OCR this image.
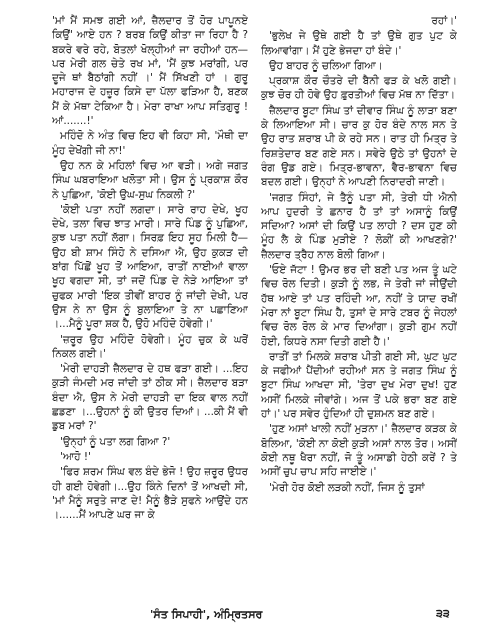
'ਮਾਂ ਮੈਂ ਸਮਝ ਗਈ ਆਂ, ਜ਼ੈਲਦਾਰ ਤੋਂ ਹੋਰ ਪਾਪੂਨਏ ਕਿਉਂ' ਆਏ ਹਨ ? ਬਰਬ ਕਿਉਂ ਕੀਤਾ ਜਾ ਰਿਹਾ ਹੈ ? ਬਕਰੇ ਵਰੇ ਰਹੇ, ਬੋਤਲਾਂ ਖੋਲ੍ਹੀਆਂ ਜਾ ਰਹੀਆਂ ਹਨ—ਪਰ ਮੇਰੀ ਗਲ ਚੇਤੇ ਰਖ ਮਾਂ, 'ਮੈਂ ਕੁਝ ਮਰਾਂਗੀ, ਪਰ ਦੂਜੇ ਥਾਂ ਬੈਠਾਂਗੀ ਨਹੀਂ ।' ਮੈਂ ਸਿੱਖਣੀ ਹਾਂ । ਗੁਰੂ ਮਹਾਰਾਜ ਦੇ ਹਜ਼ੂਰ ਕਿਸੇ ਦਾ ਪੱਲਾ ਫੜਿਆ ਹੈ, ਬਣਕ ਮੈਂ ਕੇ ਮੱਥਾ ਟੇਕਿਆ ਹੈ। ਮੇਰਾ ਰਾਖਾ ਆਪ ਸਤਿਗੁਰੂ ! ਆਂ.......!'

ਮਹਿੰਦੋ ਨੇ ਅੰਤ ਵਿਚ ਇਹ ਵੀ ਕਿਹਾ ਸੀ, 'ਮੌਥੀ ਦਾ ਮੂੰਹ ਦੇਖੋਂਗੀ ਜੀ ਨਾ!'

ਉਹ ਨਨ ਕੇ ਮਹਿਲਾਂ ਵਿਚ ਆ ਵੜੀ। ਅਗੇ ਜਗਤ ਸਿੰਘ ਘਬਰਾਇਆ ਖਲੋਤਾ ਸੀ। ਉਸ ਨੂੰ ਪ੍ਰਕਾਸ਼ ਕੌਰ ਨੇ ਪੁਛਿਆ, 'ਕੋਈ ਉਘ-ਸੁਘ ਨਿਕਲੀ ?'

'ਕੋਈ ਪਤਾ ਨਹੀਂ ਲਗਦਾ। ਸਾਰੇ ਰਾਹ ਦੇਖੇ, ਖੂਹ ਦੇਖੇ, ਤਲਾ ਵਿਚ ਝਾਤ ਮਾਰੀ। ਸਾਰੇ ਪਿੰਡ ਨੂੰ ਪੁਛਿਆ, ਕੁਝ ਪਤਾ ਨਹੀਂ ਲੱਗਾ। ਸਿਰਫ਼ ਇਹ ਸੂਹ ਮਿਲੀ ਹੈ—ਉਹ ਬੀ ਸ਼ਾਮ ਸਿੰਹੋ ਨੇ ਦਸਿਆ ਐ, ਉਹ ਕੁਕੜ ਦੀ ਬਾਂਗ ਪਿੱਛੋਂ ਖੂਹ ਤੋਂ ਆਇਆ, ਰਾਤੀਂ ਨਾਈਆਂ ਵਾਲਾ ਖੂਹ ਵਗਦਾ ਸੀ, ਤਾਂ ਜਦੋਂ ਪਿੰਡ ਦੇ ਨੇੜੇ ਆਇਆ ਤਾਂ ਚੁਫਕ ਮਾਰੀ 'ਇਕ ਤੀਵੀਂ ਬਾਹਰ ਨੂੰ ਜਾਂਦੀ ਦੇਖੀ, ਪਰ ਉਸ ਨੇ ਨਾ ਉਸ ਨੂੰ ਬੁਲਾਇਆ ਤੇ ਨਾ ਪਛਾਣਿਆ ।...ਮੈਨੂੰ ਪੂਰਾ ਸ਼ਕ ਹੈ, ਉਹੋ ਮਹਿੰਦੋ ਹੋਵੇਗੀ।'

'ਜ਼ਰੂਰ ਉਹ ਮਹਿੰਦੋ ਹੋਵੇਗੀ। ਮੂੰਹ ਚੁਕ ਕੇ ਘਰੋਂ ਨਿਕਲ ਗਈ।'

'ਮੇਰੀ ਦਾਹੜੀ ਜ਼ੈਲਦਾਰ ਦੇ ਹਥ ਫੜਾ ਗਈ। ...ਇਹ ਕੁੜੀ ਜੰਮਦੀ ਮਰ ਜਾਂਦੀ ਤਾਂ ਠੀਕ ਸੀ। ਜ਼ੈਲਦਾਰ ਬੜਾ ਬੰਦਾ ਐ, ਉਸ ਨੇ ਮੇਰੀ ਦਾਹੜੀ ਦਾ ਇਕ ਵਾਲ ਨਹੀਂ ਛਡਣਾ ।...ਉਹਨਾਂ ਨੂੰ ਕੀ ਉਤਰ ਦਿਆਂ। ...ਕੀ ਮੈਂ ਵੀ ਡੁਬ ਮਰਾਂ ?'

'ਉਨ੍ਹਾਂ ਨੂੰ ਪਤਾ ਲਗ ਗਿਆ ?'

'ਆਹੋ !'

'ਫਿਰ ਸ਼ਰਮ ਸਿੰਘ ਵਲ ਬੰਦੇ ਭੇਜੋ ! ਉਹ ਜ਼ਰੂਰ ਉਧਰ ਹੀ ਗਈ ਹੋਵੇਗੀ।...ਉਹ ਕਿੰਨੇ ਦਿਨਾਂ ਤੋਂ ਆਖਦੀ ਸੀ, 'ਮਾਂ ਮੈਨੂੰ ਸਰੁਤੇ ਜਾਣ ਦੇ! ਮੈਨੂੰ ਭੈੜੇ ਸੁਫਨੇ ਆਉਂਦੇ ਹਨ ।......ਮੈਂ ਆਪਣੇ ਘਰ ਜਾ ਕੇ

ਰਹਾਂ।'

'ਭੁਲੇਖ ਜੇ ਉਥੇ ਗਈ ਹੈ ਤਾਂ ਉਥੇ ਗੁਤ ਪੁਟ ਕੇ ਲਿਆਵਾਂਗਾ। ਮੈਂ ਹੁਣੇ ਭੇਜਦਾ ਹਾਂ ਬੰਦੇ।'

ਉਹ ਬਾਹਰ ਨੂੰ ਚਲਿਆ ਗਿਆ।

ਪ੍ਰਕਾਸ਼ ਕੌਰ ਚੌਤਰੇ ਦੀ ਬੈਨੀ ਫੜ ਕੇ ਖਲੋ ਗਈ। ਕੁਝ ਚੋਰ ਹੀ ਹੋਵੇ ਉਹ ਫ਼ੁਰਤੀਆਂ ਵਿਚ ਮੱਥ ਨਾ ਦਿੱਤਾ।

ਜ਼ੈਲਦਾਰ ਬੂਟਾ ਸਿੰਘ ਤਾਂ ਦੀਵਾਰ ਸਿੰਘ ਨੂੰ ਲਾੜਾ ਬਣਾ ਕੇ ਲਿਆਇਆ ਸੀ। ਚਾਰ ਕੁ ਹੋਰ ਬੰਦੇ ਨਾਲ ਸਨ ਤੇ ਉਹ ਰਾਤ ਸ਼ਰਾਬ ਪੀ ਕੇ ਰਹੇ ਸਨ। ਰਾਤ ਹੀ ਮਿਤ੍ਰ ਤੇ ਰਿਸ਼ਤੇਦਾਰ ਬਣ ਗਏ ਸਨ। ਸਵੇਰੇ ਉਠੇ ਤਾਂ ਉਹਨਾਂ ਦੇ ਰੰਗ ਉਡ ਗਏ। ਮਿਤ੍ਰ-ਭਾਵਨਾ, ਵੈਰ-ਭਾਵਨਾ ਵਿਚ ਬਦਲ ਗਈ। ਉਨ੍ਹਾਂ ਨੇ ਆਪਣੀ ਨਿਰਾਦਰੀ ਜਾਣੀ।

'ਜਗਤ ਸਿੰਹਾਂ, ਜੇ ਤੈਨੂੰ ਪਤਾ ਸੀ, ਤੇਰੀ ਧੀ ਐਨੀ ਆਪ ਹੁਦਰੀ ਤੇ ਛਨਾਰ ਹੈ ਤਾਂ ਤਾਂ ਅਸਾਨੂੰ ਕਿਉਂ ਸਦਿਆ? ਅਸਾਂ ਦੀ ਕਿਉਂ ਪਤ ਲਾਹੀ ? ਦਸ ਹੁਣ ਕੀ ਮੂੰਹ ਲੈ ਕੇ ਪਿੰਡ ਮੁੜੀਏ ? ਲੋਕੀਂ ਕੀ ਆਖਣਗੇ?' ਜ਼ੈਲਦਾਰ ਤ੍ਰੈਹ ਨਾਲ ਬੋਲੀ ਗਿਆ।

'ਓਏ ਜੱਟਾ ! ਉਮਰ ਭਰ ਦੀ ਬਣੀ ਪਤ ਅਜ ਤੂੰ ਘਟੇ ਵਿਚ ਰੋਲ ਦਿਤੀ। ਕੁੜੀ ਨੂੰ ਲਭ, ਜੇ ਤੇਰੀ ਜਾਂ ਜੀਉਂਦੀ ਹੱਥ ਆਏ ਤਾਂ ਪਤ ਰਹਿੰਦੀ ਆ, ਨਹੀਂ ਤੇ ਯਾਦ ਰਖੀਂ ਮੇਰਾ ਨਾਂ ਬੂਟਾ ਸਿੰਘ ਹੈ, ਤੁਸਾਂ ਦੇ ਸਾਰੇ ਟਬਰ ਨੂੰ ਜੇਹਲਾਂ ਵਿਚ ਰੋਲ ਰੋਲ ਕੇ ਮਾਰ ਦਿਆਂਗਾ। ਕੁੜੀ ਗੁਮ ਨਹੀਂ ਹੋਈ, ਕਿਧਰੇ ਨਸਾ ਦਿਤੀ ਗਈ ਹੈ।'

ਰਾਤੀਂ ਤਾਂ ਮਿਲਕੇ ਸ਼ਰਾਬ ਪੀਤੀ ਗਈ ਸੀ, ਘੁਟ ਘੁਟ ਕੇ ਜਫੀਆਂ ਪੈਂਦੀਆਂ ਰਹੀਆਂ ਸਨ ਤੇ ਜਗਤ ਸਿੰਘ ਨੂੰ ਬੂਟਾ ਸਿੰਘ ਆਖਦਾ ਸੀ, 'ਤੇਰਾ ਦੁਖ ਮੇਰਾ ਦੁਖ! ਹੁਣ ਅਸੀਂ ਮਿਲਕੇ ਜੀਵਾਂਗੇ। ਅਜ ਤੋਂ ਪਕੇ ਭਰਾ ਬਣ ਗਏ ਹਾਂ।' ਪਰ ਸਵੇਰ ਹੁੰਦਿਆਂ ਹੀ ਦੁਸ਼ਮਨ ਬਣ ਗਏ।

'ਹੁਣ ਅਸਾਂ ਖਾਲੀ ਨਹੀਂ ਮੁੜਨਾ।' ਜ਼ੈਲਦਾਰ ਕੜਕ ਕੇ ਬੋਲਿਆ, 'ਕੋਈ ਨਾ ਕੋਈ ਕੁੜੀ ਅਸਾਂ ਨਾਲ ਤੋਰ। ਅਸੀਂ ਕੋਈ ਨਥੂ ਖੈਰਾ ਨਹੀਂ, ਜੋ ਤੂੰ ਅਸਾਡੀ ਹੇਠੀ ਕਰੇਂ ? ਤੇ ਅਸੀਂ ਚੁਪ ਚਾਪ ਸਹਿ ਜਾਈਏ।'

'ਮੇਰੀ ਹੋਰ ਕੋਈ ਲੜਕੀ ਨਹੀਂ, ਜਿਸ ਨੂੰ ਤੁਸਾਂ

'ਸੰਤ ਸਿਪਾਹੀ', ਅੰਮ੍ਰਿਤਸਰ	੩੩
